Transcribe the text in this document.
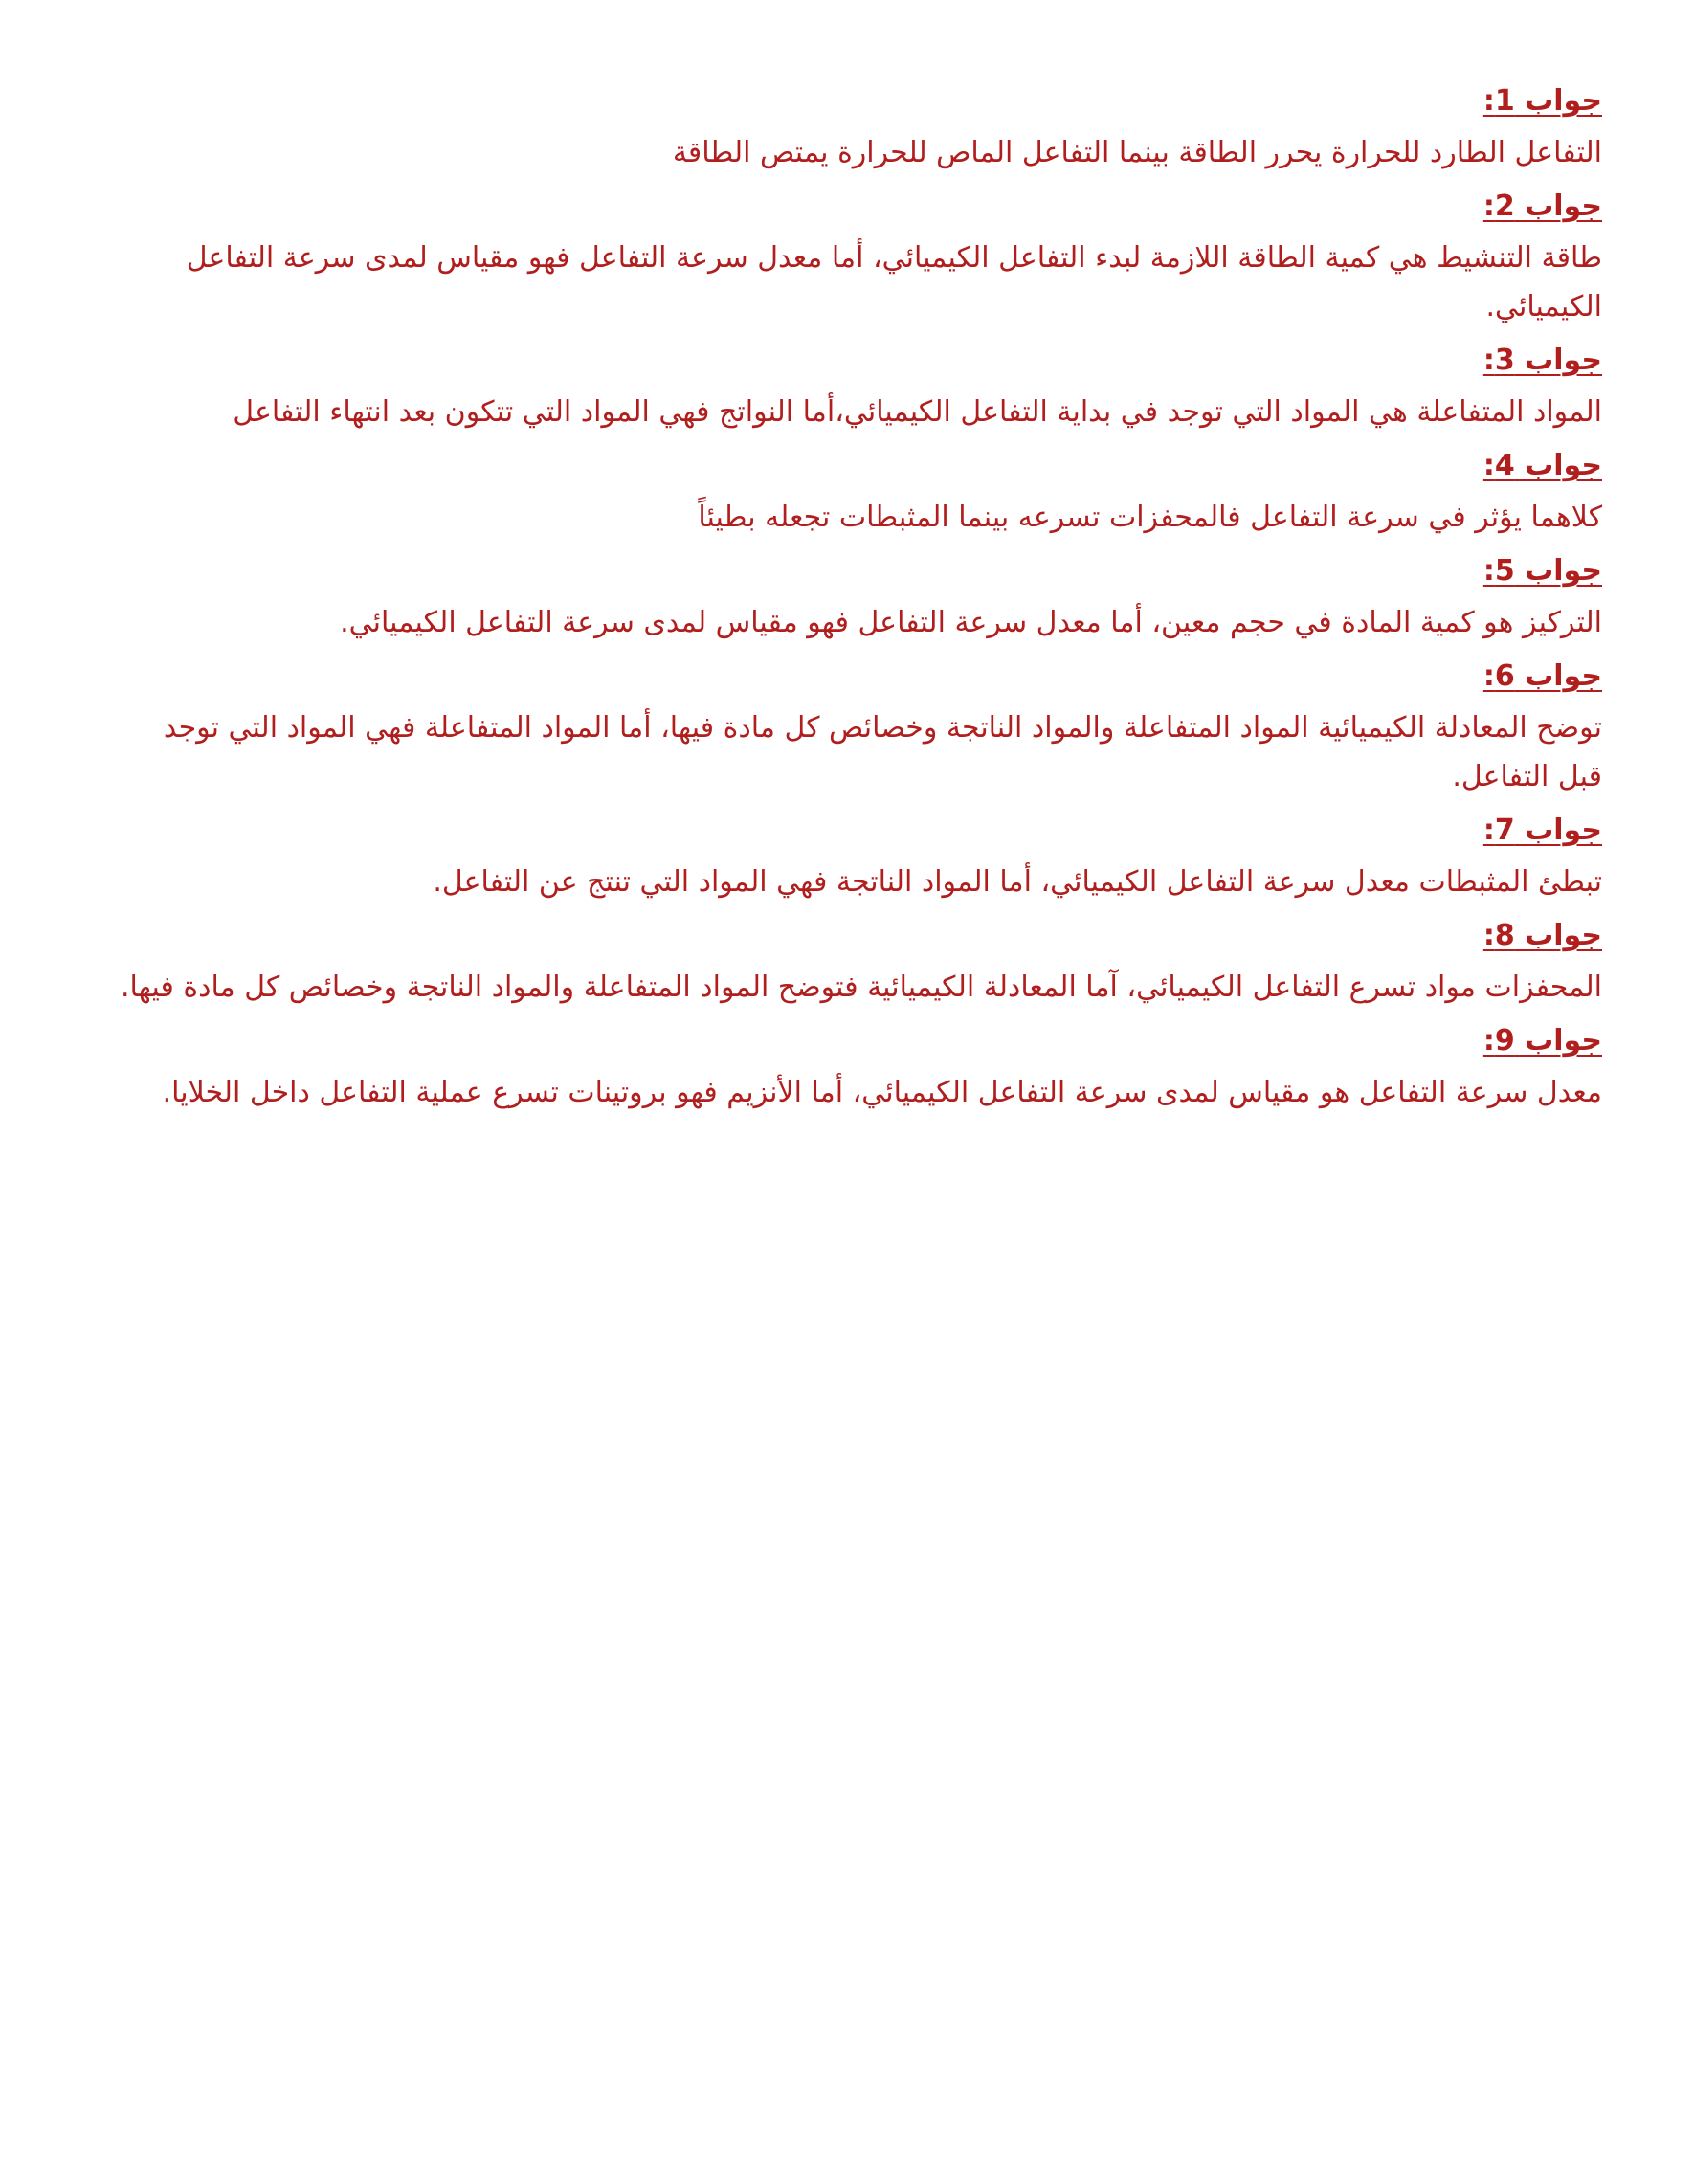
جواب 1:
التفاعل الطارد للحرارة يحرر الطاقة بينما التفاعل الماص للحرارة يمتص الطاقة
جواب 2:
طاقة التنشيط هي كمية الطاقة اللازمة لبدء التفاعل الكيميائي، أما معدل سرعة التفاعل فهو مقياس لمدى سرعة التفاعل الكيميائي.
جواب 3:
المواد المتفاعلة هي المواد التي توجد في بداية التفاعل الكيميائي،أما النواتج فهي المواد التي تتكون بعد انتهاء التفاعل
جواب 4:
كلاهما يؤثر في سرعة التفاعل فالمحفزات تسرعه بينما المثبطات تجعله بطيئاً
جواب 5:
التركيز هو كمية المادة في حجم معين، أما معدل سرعة التفاعل فهو مقياس لمدى سرعة التفاعل الكيميائي.
جواب 6:
توضح المعادلة الكيميائية المواد المتفاعلة والمواد الناتجة وخصائص كل مادة فيها، أما المواد المتفاعلة فهي المواد التي توجد قبل التفاعل.
جواب 7:
تبطئ المثبطات معدل سرعة التفاعل الكيميائي، أما المواد الناتجة فهي المواد التي تنتج عن التفاعل.
جواب 8:
المحفزات مواد تسرع التفاعل الكيميائي، آما المعادلة الكيميائية فتوضح المواد المتفاعلة والمواد الناتجة وخصائص كل مادة فيها.
جواب 9:
معدل سرعة التفاعل هو مقياس لمدى سرعة التفاعل الكيميائي، أما الأنزيم فهو بروتينات تسرع عملية التفاعل داخل الخلايا.
